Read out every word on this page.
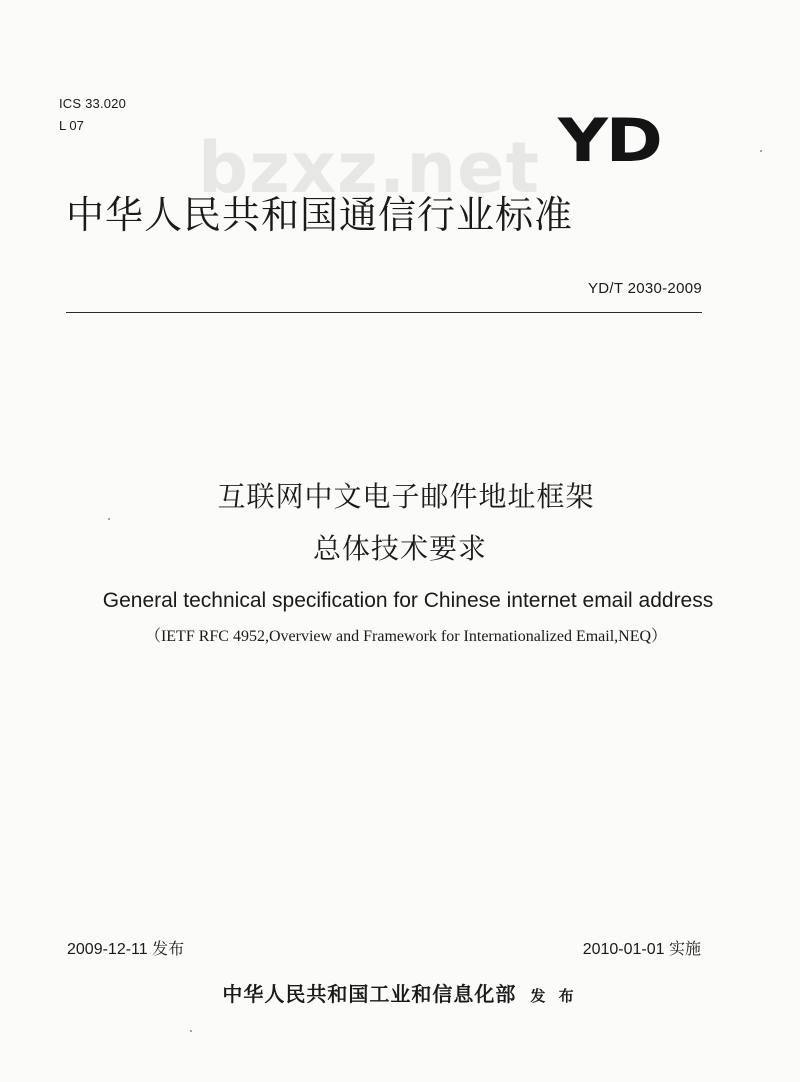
ICS 33.020
L 07
bzxz.net YD
中华人民共和国通信行业标准
YD/T 2030-2009
互联网中文电子邮件地址框架
总体技术要求
General technical specification for Chinese internet email address
（IETF RFC 4952,Overview and Framework for Internationalized Email,NEQ）
2009-12-11 发布	2010-01-01 实施
中华人民共和国工业和信息化部 发 布
